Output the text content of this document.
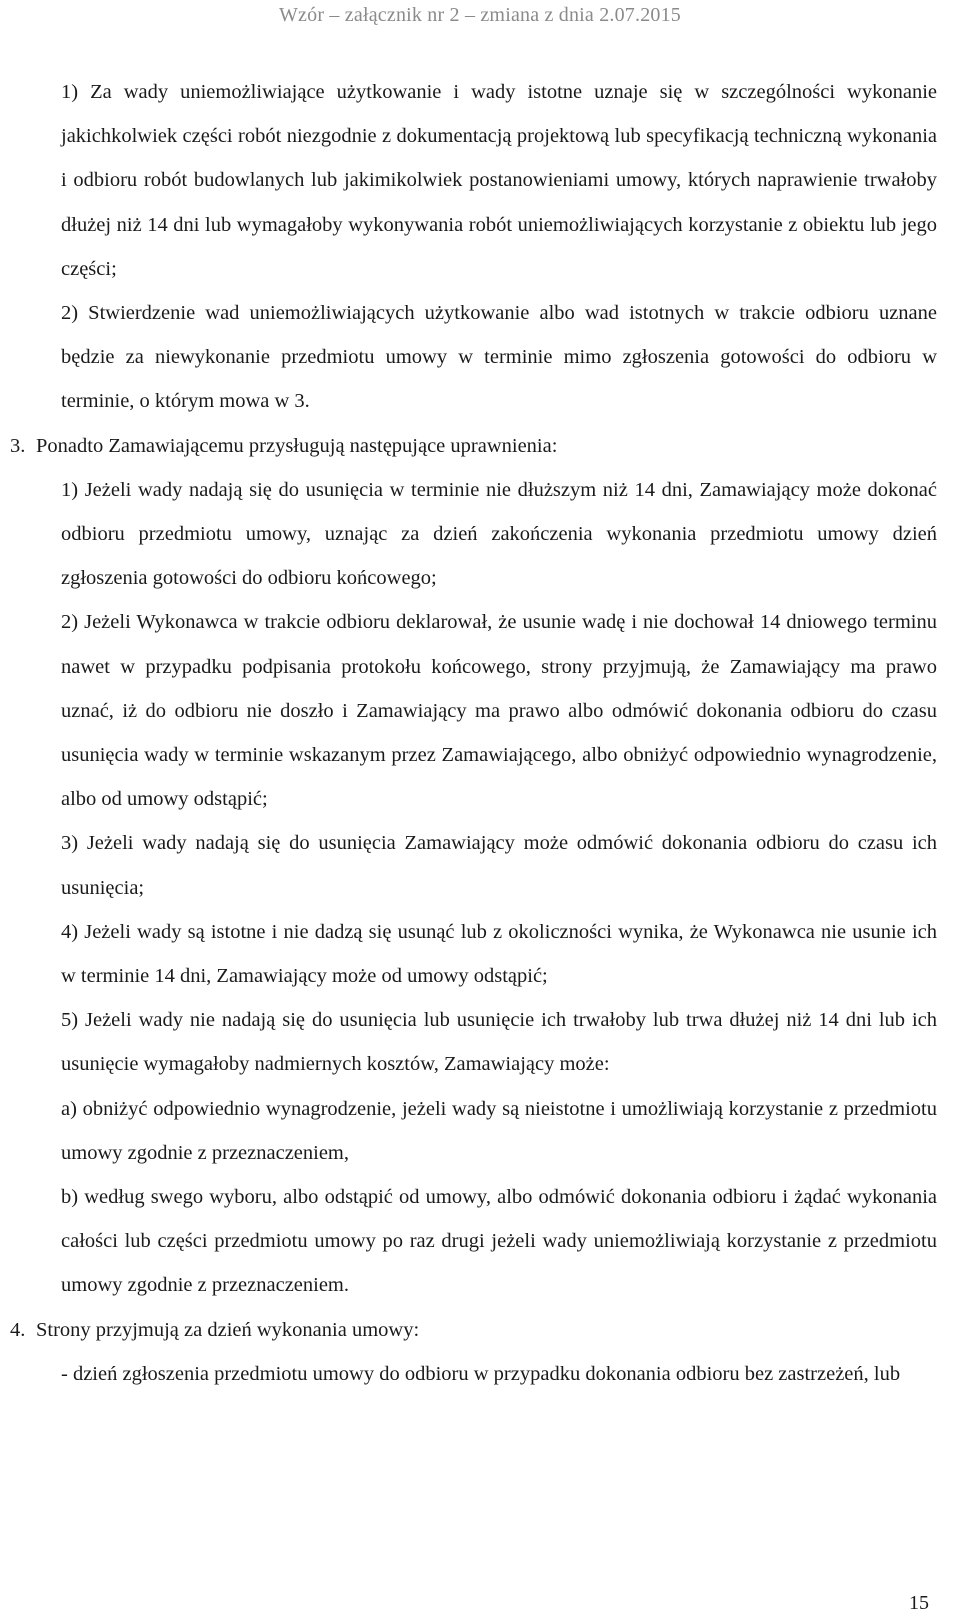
Wzór – załącznik nr 2 – zmiana z dnia 2.07.2015

1) Za wady uniemożliwiające użytkowanie i wady istotne uznaje się w szczególności wykonanie jakichkolwiek części robót niezgodnie z dokumentacją projektową lub specyfikacją techniczną wykonania i odbioru robót budowlanych lub jakimikolwiek postanowieniami umowy, których naprawienie trwałoby dłużej niż 14 dni lub wymagałoby wykonywania robót uniemożliwiających korzystanie z obiektu lub jego części;

2) Stwierdzenie wad uniemożliwiających użytkowanie albo wad istotnych w trakcie odbioru uznane będzie za niewykonanie przedmiotu umowy w terminie mimo zgłoszenia gotowości do odbioru w terminie, o którym mowa w 3.

3. Ponadto Zamawiającemu przysługują następujące uprawnienia:

1) Jeżeli wady nadają się do usunięcia w terminie nie dłuższym niż 14 dni, Zamawiający może dokonać odbioru przedmiotu umowy, uznając za dzień zakończenia wykonania przedmiotu umowy dzień zgłoszenia gotowości do odbioru końcowego;

2) Jeżeli Wykonawca w trakcie odbioru deklarował, że usunie wadę i nie dochował 14 dniowego terminu nawet w przypadku podpisania protokołu końcowego, strony przyjmują, że Zamawiający ma prawo uznać, iż do odbioru nie doszło i Zamawiający ma prawo albo odmówić dokonania odbioru do czasu usunięcia wady w terminie wskazanym przez Zamawiającego, albo obniżyć odpowiednio wynagrodzenie, albo od umowy odstąpić;

3) Jeżeli wady nadają się do usunięcia Zamawiający może odmówić dokonania odbioru do czasu ich usunięcia;

4) Jeżeli wady są istotne i nie dadzą się usunąć lub z okoliczności wynika, że Wykonawca nie usunie ich w terminie 14 dni, Zamawiający może od umowy odstąpić;

5) Jeżeli wady nie nadają się do usunięcia lub usunięcie ich trwałoby lub trwa dłużej niż 14 dni lub ich usunięcie wymagałoby nadmiernych kosztów, Zamawiający może:

a) obniżyć odpowiednio wynagrodzenie, jeżeli wady są nieistotne i umożliwiają korzystanie z przedmiotu umowy zgodnie z przeznaczeniem,

b) według swego wyboru, albo odstąpić od umowy, albo odmówić dokonania odbioru i żądać wykonania całości lub części przedmiotu umowy po raz drugi jeżeli wady uniemożliwiają korzystanie z przedmiotu umowy zgodnie z przeznaczeniem.

4. Strony przyjmują za dzień wykonania umowy:

- dzień zgłoszenia przedmiotu umowy do odbioru w przypadku dokonania odbioru bez zastrzeżeń, lub

15
